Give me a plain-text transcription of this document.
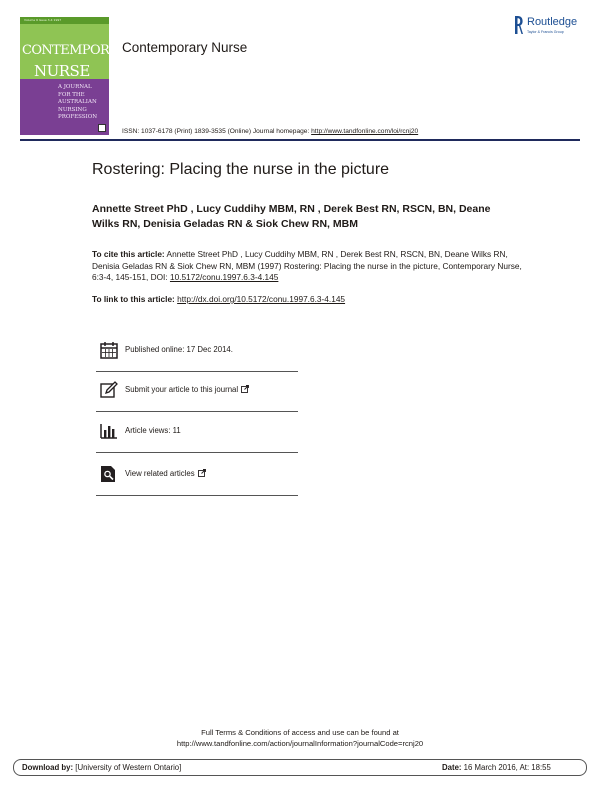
Volume 6 Issue 3-4 1997
CONTEMPORARY
NURSE
A JOURNAL FOR THE AUSTRALIAN NURSING PROFESSION
Contemporary Nurse
Routledge
Taylor & Francis Group
ISSN: 1037-6178 (Print) 1839-3535 (Online) Journal homepage: http://www.tandfonline.com/loi/rcnj20
Rostering: Placing the nurse in the picture
Annette Street PhD , Lucy Cuddihy MBM, RN , Derek Best RN, RSCN, BN, Deane Wilks RN, Denisia Geladas RN & Siok Chew RN, MBM
To cite this article: Annette Street PhD , Lucy Cuddihy MBM, RN , Derek Best RN, RSCN, BN, Deane Wilks RN, Denisia Geladas RN & Siok Chew RN, MBM (1997) Rostering: Placing the nurse in the picture, Contemporary Nurse, 6:3-4, 145-151, DOI: 10.5172/conu.1997.6.3-4.145
To link to this article: http://dx.doi.org/10.5172/conu.1997.6.3-4.145
Published online: 17 Dec 2014.
Submit your article to this journal
Article views: 11
View related articles
Full Terms & Conditions of access and use can be found at
http://www.tandfonline.com/action/journalInformation?journalCode=rcnj20
Download by: [University of Western Ontario]	Date: 16 March 2016, At: 18:55
